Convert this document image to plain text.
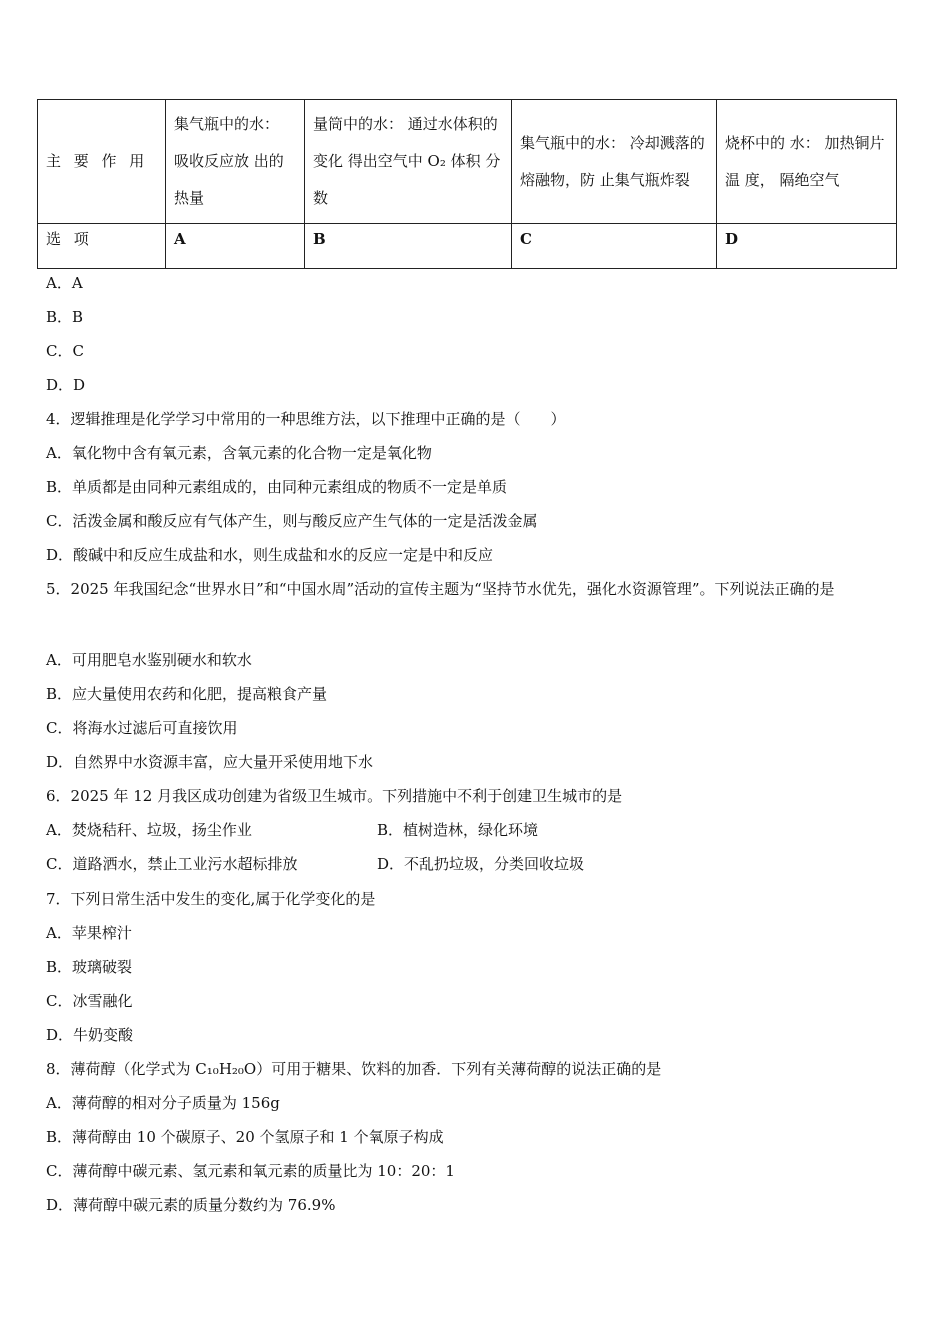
主 要 作 用	集气瓶中的水： 吸收反应放 出的热量	量筒中的水： 通过水体积的变化 得出空气中 O₂ 体积 分数	集气瓶中的水： 冷却溅落的熔融物，防 止集气瓶炸裂	烧杯中的 水： 加热铜片温 度， 隔绝空气
选 项	A	B	C	D
A．A
B．B
C．C
D．D
4．逻辑推理是化学学习中常用的一种思维方法，以下推理中正确的是（　　）
A．氧化物中含有氧元素，含氧元素的化合物一定是氧化物
B．单质都是由同种元素组成的，由同种元素组成的物质不一定是单质
C．活泼金属和酸反应有气体产生，则与酸反应产生气体的一定是活泼金属
D．酸碱中和反应生成盐和水，则生成盐和水的反应一定是中和反应
5．2025 年我国纪念“世界水日”和“中国水周”活动的宣传主题为“坚持节水优先，强化水资源管理”。下列说法正确的是
A．可用肥皂水鉴别硬水和软水
B．应大量使用农药和化肥，提高粮食产量
C．将海水过滤后可直接饮用
D．自然界中水资源丰富，应大量开采使用地下水
6．2025 年 12 月我区成功创建为省级卫生城市。下列措施中不利于创建卫生城市的是
A．焚烧秸秆、垃圾，扬尘作业	B．植树造林，绿化环境
C．道路洒水，禁止工业污水超标排放	D．不乱扔垃圾，分类回收垃圾
7．下列日常生活中发生的变化,属于化学变化的是
A．苹果榨汁
B．玻璃破裂
C．冰雪融化
D．牛奶变酸
8．薄荷醇（化学式为 C₁₀H₂₀O）可用于糖果、饮料的加香．下列有关薄荷醇的说法正确的是
A．薄荷醇的相对分子质量为 156g
B．薄荷醇由 10 个碳原子、20 个氢原子和 1 个氧原子构成
C．薄荷醇中碳元素、氢元素和氧元素的质量比为 10：20：1
D．薄荷醇中碳元素的质量分数约为 76.9%
